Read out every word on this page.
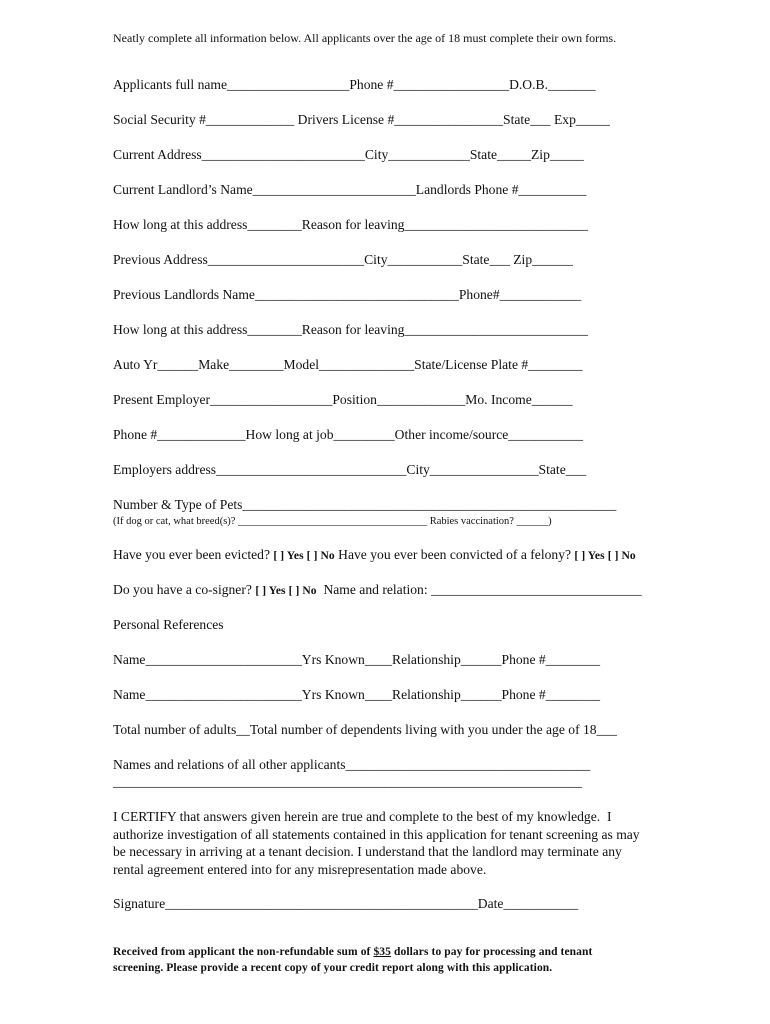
Neatly complete all information below. All applicants over the age of 18 must complete their own forms.
Applicants full name__________________Phone #_________________D.O.B._______
Social Security #_____________ Drivers License #________________State___ Exp_____
Current Address________________________City____________State_____Zip_____
Current Landlord’s Name________________________Landlords Phone #__________
How long at this address________Reason for leaving___________________________
Previous Address_______________________City___________State___ Zip______
Previous Landlords Name______________________________Phone#____________
How long at this address________Reason for leaving___________________________
Auto Yr______Make________Model______________State/License Plate #________
Present Employer__________________Position_____________Mo. Income______
Phone #_____________How long at job_________Other income/source___________
Employers address____________________________City________________State___
Number & Type of Pets_______________________________________________________
(If dog or cat, what breed(s)? ____________________________________ Rabies vaccination? ______)
Have you ever been evicted? [ ] Yes [ ] No Have you ever been convicted of a felony? [ ] Yes [ ] No
Do you have a co-signer? [ ] Yes [ ] No  Name and relation: _______________________________
Personal References
Name_______________________Yrs Known____Relationship______Phone #________
Name_______________________Yrs Known____Relationship______Phone #________
Total number of adults__Total number of dependents living with you under the age of 18___
Names and relations of all other applicants____________________________________
_____________________________________________________________________
I CERTIFY that answers given herein are true and complete to the best of my knowledge.  I
authorize investigation of all statements contained in this application for tenant screening as may
be necessary in arriving at a tenant decision. I understand that the landlord may terminate any
rental agreement entered into for any misrepresentation made above.
Signature______________________________________________Date___________
Received from applicant the non-refundable sum of $35 dollars to pay for processing and tenant
screening. Please provide a recent copy of your credit report along with this application.
